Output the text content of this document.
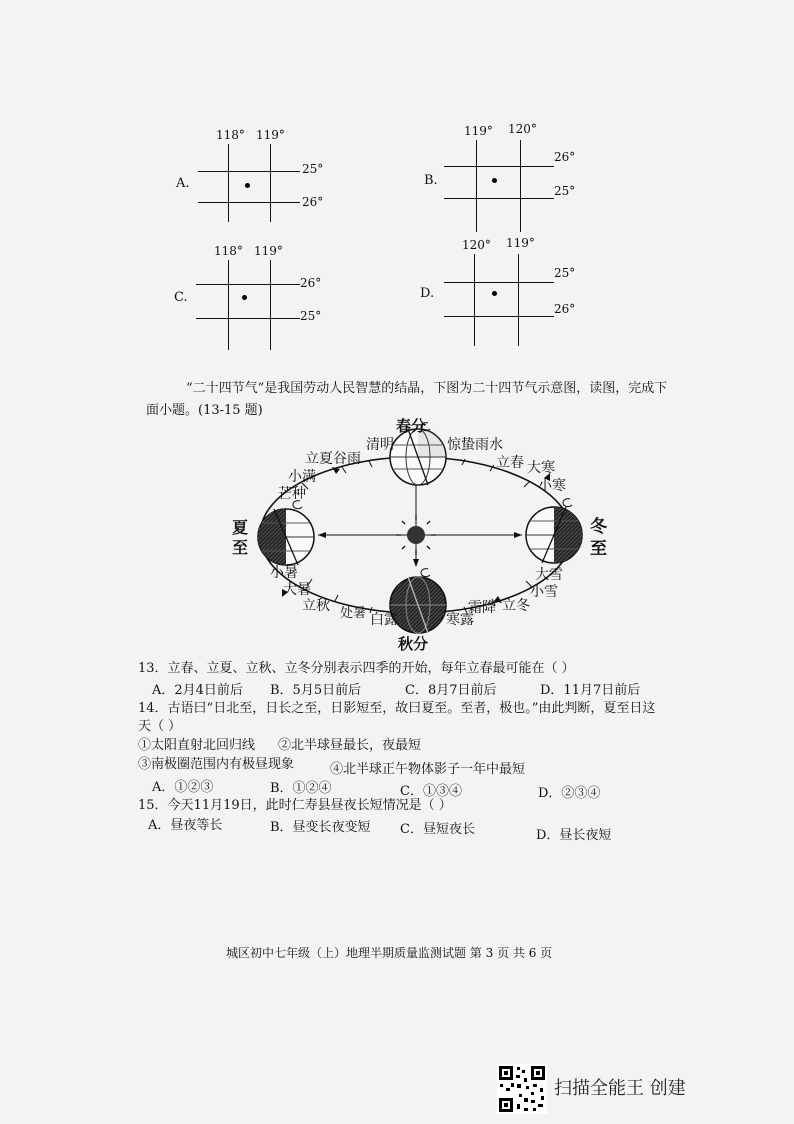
118° 119°
25°
26°
A.
119° 120°
26°
25°
B.
118° 119°
26°
25°
C.
120° 119°
25°
26°
D.
“二十四节气”是我国劳动人民智慧的结晶，下图为二十四节气示意图，读图，完成下
面小题。(13-15 题)
春分
清明
立夏谷雨
小满
芒种
惊蛰雨水
立春 大寒
小寒
夏至
冬至
小暑
大暑
立秋 处暑 白露
秋分
寒露
霜降 立冬
小雪
大雪
13．立春、立夏、立秋、立冬分别表示四季的开始，每年立春最可能在（ ）
A．2月4日前后 B．5月5日前后	C．8月7日前后	D．11月7日前后
14．古语曰“日北至，日长之至，日影短至，故曰夏至。至者，极也。”由此判断，夏至日这
天（ ）
①太阳直射北回归线 ②北半球昼最长，夜最短
③南极圈范围内有极昼现象	④北半球正午物体影子一年中最短
A．①②③	B．①②④	C．①③④	D．②③④
15．今天11月19日，此时仁寿县昼夜长短情况是（ ）
A．昼夜等长	B．昼变长夜变短 C．昼短夜长	D．昼长夜短
城区初中七年级（上）地理半期质量监测试题 第 3 页 共 6 页
扫描全能王 创建
